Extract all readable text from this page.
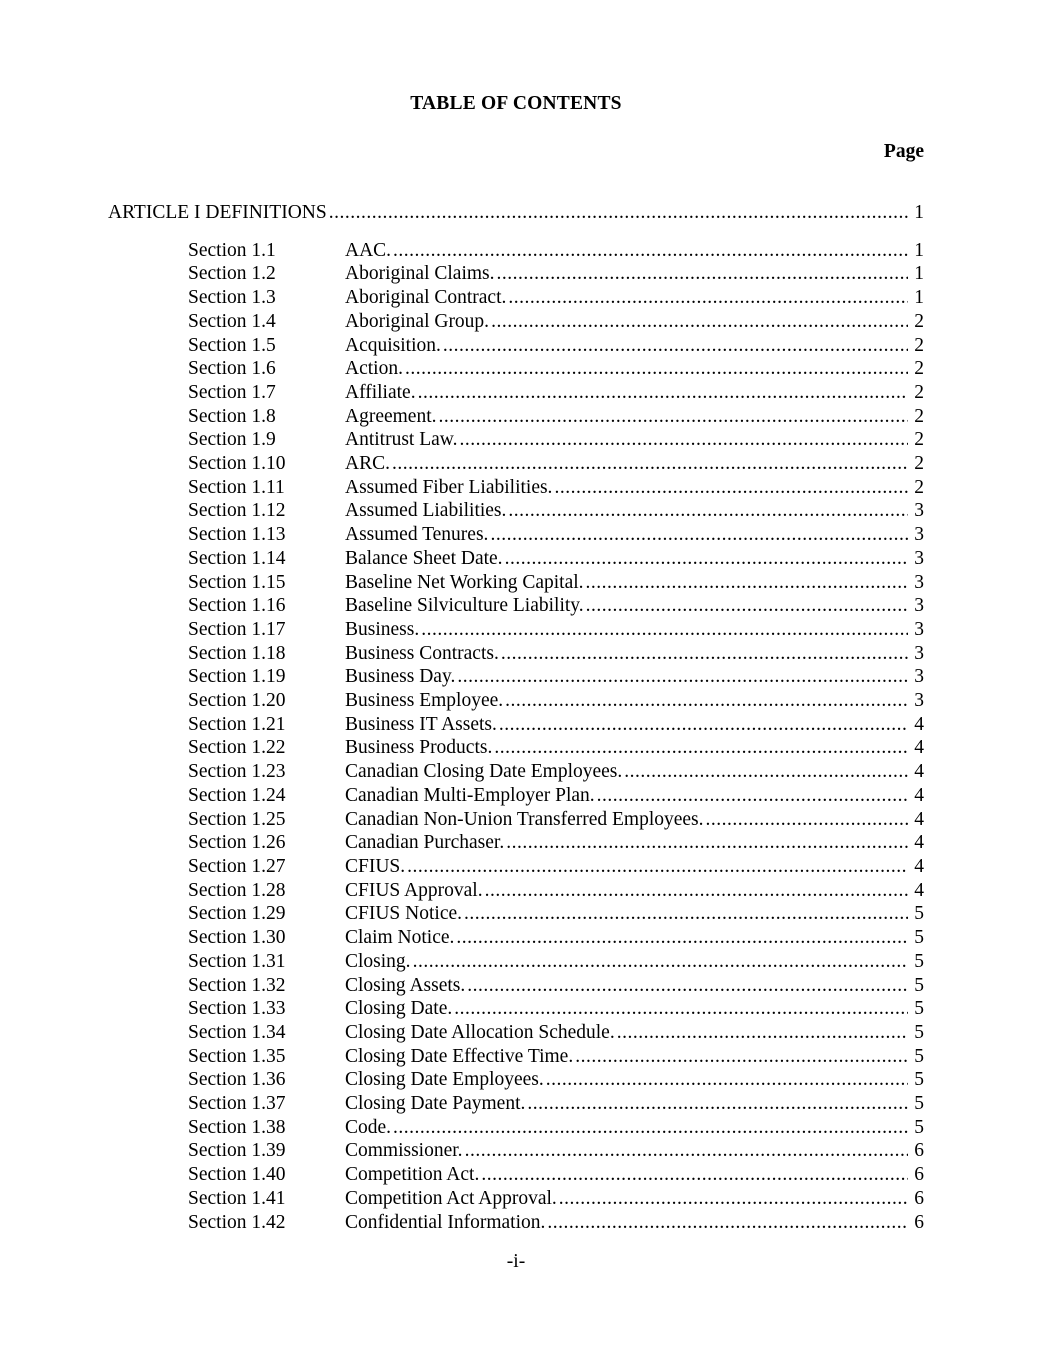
TABLE OF CONTENTS
Page
ARTICLE I DEFINITIONS .....	1
Section 1.1	AAC. .....	1
Section 1.2	Aboriginal Claims. .....	1
Section 1.3	Aboriginal Contract. .....	1
Section 1.4	Aboriginal Group. .....	2
Section 1.5	Acquisition. .....	2
Section 1.6	Action. .....	2
Section 1.7	Affiliate. .....	2
Section 1.8	Agreement. .....	2
Section 1.9	Antitrust Law. .....	2
Section 1.10	ARC. .....	2
Section 1.11	Assumed Fiber Liabilities. .....	2
Section 1.12	Assumed Liabilities. .....	3
Section 1.13	Assumed Tenures. .....	3
Section 1.14	Balance Sheet Date. .....	3
Section 1.15	Baseline Net Working Capital. .....	3
Section 1.16	Baseline Silviculture Liability. .....	3
Section 1.17	Business. .....	3
Section 1.18	Business Contracts. .....	3
Section 1.19	Business Day. .....	3
Section 1.20	Business Employee. .....	3
Section 1.21	Business IT Assets. .....	4
Section 1.22	Business Products. .....	4
Section 1.23	Canadian Closing Date Employees. .....	4
Section 1.24	Canadian Multi-Employer Plan. .....	4
Section 1.25	Canadian Non-Union Transferred Employees. .....	4
Section 1.26	Canadian Purchaser. .....	4
Section 1.27	CFIUS. .....	4
Section 1.28	CFIUS Approval. .....	4
Section 1.29	CFIUS Notice. .....	5
Section 1.30	Claim Notice. .....	5
Section 1.31	Closing. .....	5
Section 1.32	Closing Assets. .....	5
Section 1.33	Closing Date. .....	5
Section 1.34	Closing Date Allocation Schedule. .....	5
Section 1.35	Closing Date Effective Time. .....	5
Section 1.36	Closing Date Employees. .....	5
Section 1.37	Closing Date Payment. .....	5
Section 1.38	Code. .....	5
Section 1.39	Commissioner. .....	6
Section 1.40	Competition Act. .....	6
Section 1.41	Competition Act Approval. .....	6
Section 1.42	Confidential Information. .....	6
-i-
